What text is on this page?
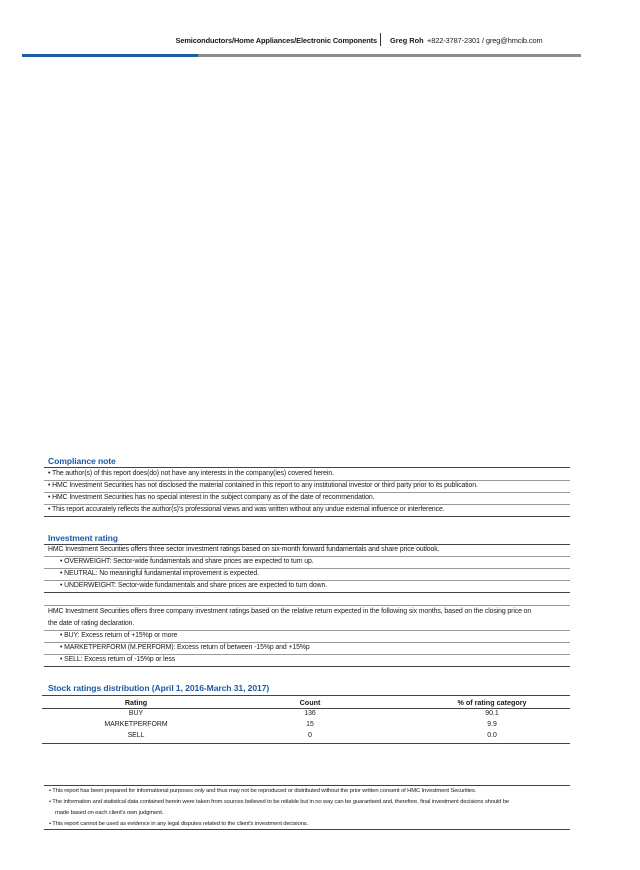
Semiconductors/Home Appliances/Electronic Components Greg Roh +822-3787-2301 / greg@hmcib.com
Compliance note
• The author(s) of this report does(do) not have any interests in the company(ies) covered herein.
• HMC Investment Securities has not disclosed the material contained in this report to any institutional investor or third party prior to its publication.
• HMC Investment Securities has no special interest in the subject company as of the date of recommendation.
• This report accurately reflects the author(s)'s professional views and was written without any undue external influence or interference.
Investment rating
HMC Investment Securities offers three sector investment ratings based on six-month forward fundamentals and share price outlook.
• OVERWEIGHT: Sector-wide fundamentals and share prices are expected to turn up.
• NEUTRAL: No meaningful fundamental improvement is expected.
• UNDERWEIGHT: Sector-wide fundamentals and share prices are expected to turn down.
HMC Investment Securities offers three company investment ratings based on the relative return expected in the following six months, based on the closing price on
the date of rating declaration.
• BUY: Excess return of +15%p or more
• MARKETPERFORM (M.PERFORM): Excess return of between -15%p and +15%p
• SELL: Excess return of -15%p or less
Stock ratings distribution (April 1, 2016-March 31, 2017)
Rating	Count	% of rating category
BUY	136	90.1
MARKETPERFORM	15	9.9
SELL	0	0.0
• This report has been prepared for informational purposes only and thus may not be reproduced or distributed without the prior written consent of HMC Investment Securities.
• The information and statistical data contained herein were taken from sources believed to be reliable but in no way can be guaranteed and, therefore, final investment decisions should be
made based on each client's own judgment.
• This report cannot be used as evidence in any legal disputes related to the client's investment decisions.
